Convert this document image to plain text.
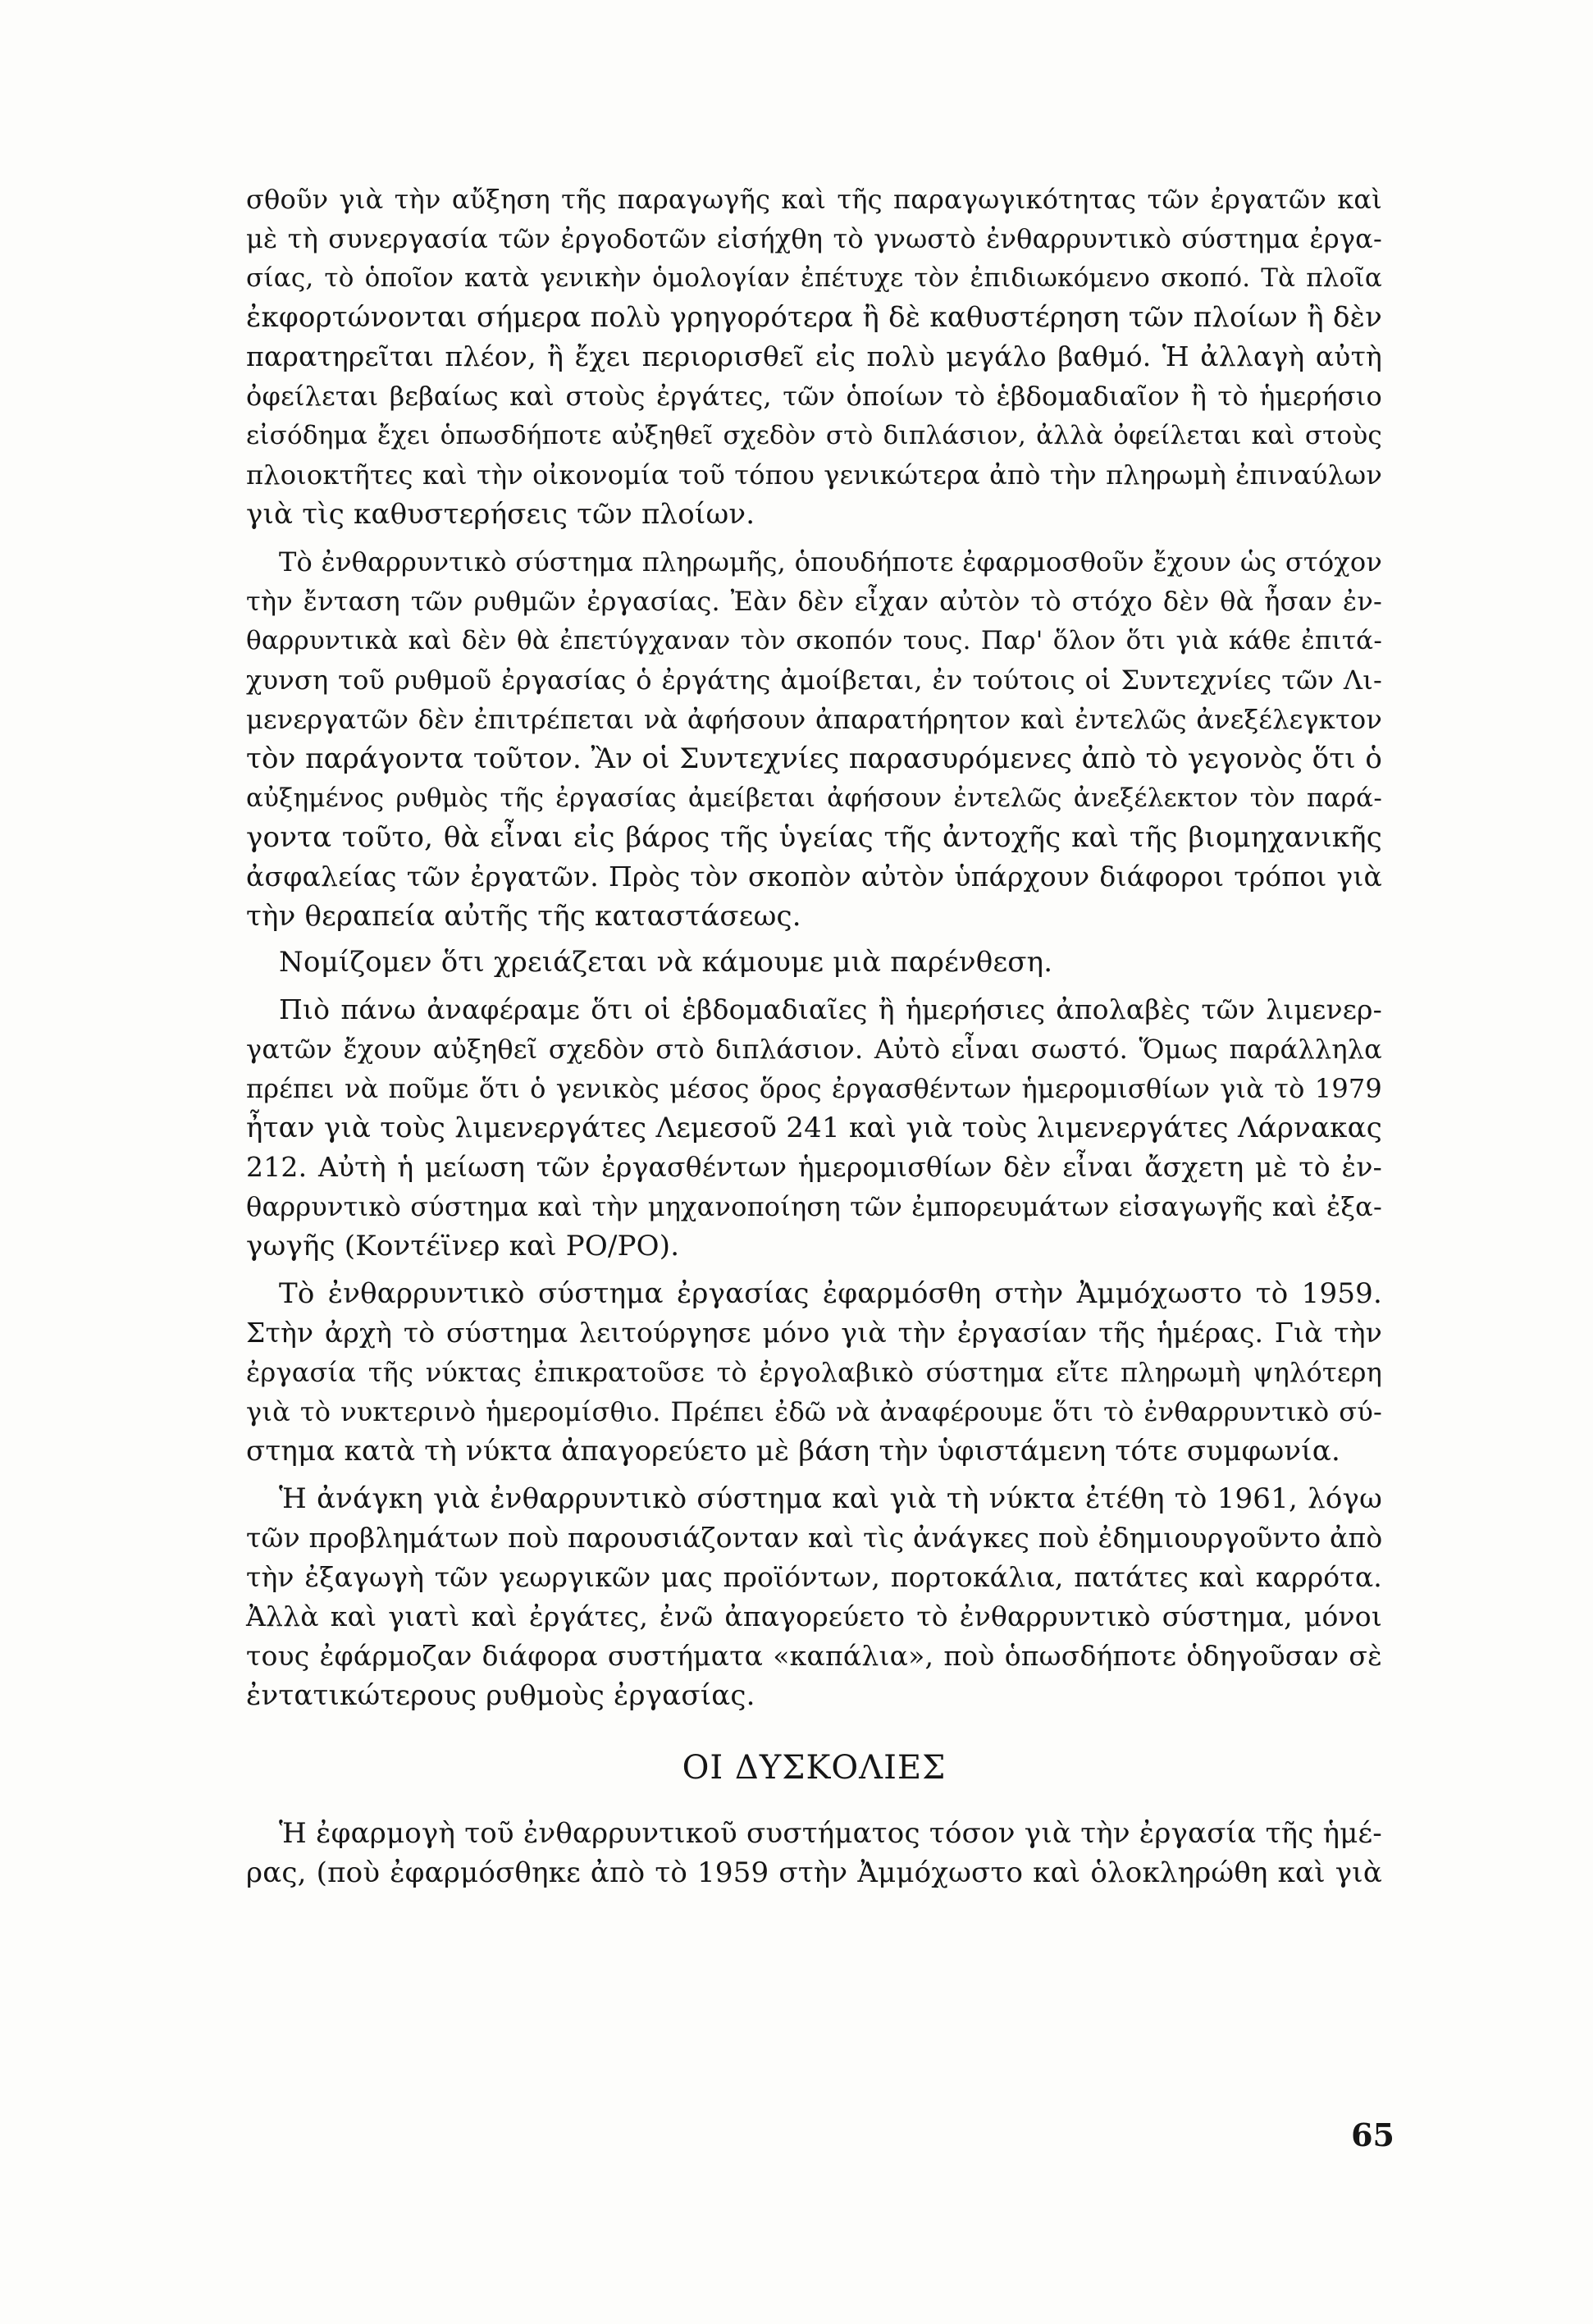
σθοῦν γιὰ τὴν αὔξηση τῆς παραγωγῆς καὶ τῆς παραγωγικότητας τῶν ἐργατῶν καὶ
μὲ τὴ συνεργασία τῶν ἐργοδοτῶν εἰσήχθη τὸ γνωστὸ ἐνθαρρυντικὸ σύστημα ἐργα-
σίας, τὸ ὁποῖον κατὰ γενικὴν ὁμολογίαν ἐπέτυχε τὸν ἐπιδιωκόμενο σκοπό. Τὰ πλοῖα
ἐκφορτώνονται σήμερα πολὺ γρηγορότερα ἢ δὲ καθυστέρηση τῶν πλοίων ἢ δὲν
παρατηρεῖται πλέον, ἢ ἔχει περιορισθεῖ εἰς πολὺ μεγάλο βαθμό. Ἡ ἀλλαγὴ αὐτὴ
ὀφείλεται βεβαίως καὶ στοὺς ἐργάτες, τῶν ὁποίων τὸ ἑβδομαδιαῖον ἢ τὸ ἡμερήσιο
εἰσόδημα ἔχει ὁπωσδήποτε αὐξηθεῖ σχεδὸν στὸ διπλάσιον, ἀλλὰ ὀφείλεται καὶ στοὺς
πλοιοκτῆτες καὶ τὴν οἰκονομία τοῦ τόπου γενικώτερα ἀπὸ τὴν πληρωμὴ ἐπιναύλων
γιὰ τὶς καθυστερήσεις τῶν πλοίων.
Τὸ ἐνθαρρυντικὸ σύστημα πληρωμῆς, ὁπουδήποτε ἐφαρμοσθοῦν ἔχουν ὡς στόχον
τὴν ἔνταση τῶν ρυθμῶν ἐργασίας. Ἐὰν δὲν εἶχαν αὐτὸν τὸ στόχο δὲν θὰ ἦσαν ἐν-
θαρρυντικὰ καὶ δὲν θὰ ἐπετύγχαναν τὸν σκοπόν τους. Παρ' ὅλον ὅτι γιὰ κάθε ἐπιτά-
χυνση τοῦ ρυθμοῦ ἐργασίας ὁ ἐργάτης ἀμοίβεται, ἐν τούτοις οἱ Συντεχνίες τῶν Λι-
μενεργατῶν δὲν ἐπιτρέπεται νὰ ἀφήσουν ἀπαρατήρητον καὶ ἐντελῶς ἀνεξέλεγκτον
τὸν παράγοντα τοῦτον. Ἂν οἱ Συντεχνίες παρασυρόμενες ἀπὸ τὸ γεγονὸς ὅτι ὁ
αὐξημένος ρυθμὸς τῆς ἐργασίας ἀμείβεται ἀφήσουν ἐντελῶς ἀνεξέλεκτον τὸν παρά-
γοντα τοῦτο, θὰ εἶναι εἰς βάρος τῆς ὑγείας τῆς ἀντοχῆς καὶ τῆς βιομηχανικῆς
ἀσφαλείας τῶν ἐργατῶν. Πρὸς τὸν σκοπὸν αὐτὸν ὑπάρχουν διάφοροι τρόποι γιὰ
τὴν θεραπεία αὐτῆς τῆς καταστάσεως.
Νομίζομεν ὅτι χρειάζεται νὰ κάμουμε μιὰ παρένθεση.
Πιὸ πάνω ἀναφέραμε ὅτι οἱ ἑβδομαδιαῖες ἢ ἡμερήσιες ἀπολαβὲς τῶν λιμενερ-
γατῶν ἔχουν αὐξηθεῖ σχεδὸν στὸ διπλάσιον. Αὐτὸ εἶναι σωστό. Ὅμως παράλληλα
πρέπει νὰ ποῦμε ὅτι ὁ γενικὸς μέσος ὅρος ἐργασθέντων ἡμερομισθίων γιὰ τὸ 1979
ἦταν γιὰ τοὺς λιμενεργάτες Λεμεσοῦ 241 καὶ γιὰ τοὺς λιμενεργάτες Λάρνακας
212. Αὐτὴ ἡ μείωση τῶν ἐργασθέντων ἡμερομισθίων δὲν εἶναι ἄσχετη μὲ τὸ ἐν-
θαρρυντικὸ σύστημα καὶ τὴν μηχανοποίηση τῶν ἐμπορευμάτων εἰσαγωγῆς καὶ ἐξα-
γωγῆς (Κοντέϊνερ καὶ ΡΟ/ΡΟ).
Τὸ ἐνθαρρυντικὸ σύστημα ἐργασίας ἐφαρμόσθη στὴν Ἀμμόχωστο τὸ 1959.
Στὴν ἀρχὴ τὸ σύστημα λειτούργησε μόνο γιὰ τὴν ἐργασίαν τῆς ἡμέρας. Γιὰ τὴν
ἐργασία τῆς νύκτας ἐπικρατοῦσε τὸ ἐργολαβικὸ σύστημα εἴτε πληρωμὴ ψηλότερη
γιὰ τὸ νυκτερινὸ ἡμερομίσθιο. Πρέπει ἐδῶ νὰ ἀναφέρουμε ὅτι τὸ ἐνθαρρυντικὸ σύ-
στημα κατὰ τὴ νύκτα ἀπαγορεύετο μὲ βάση τὴν ὑφιστάμενη τότε συμφωνία.
Ἡ ἀνάγκη γιὰ ἐνθαρρυντικὸ σύστημα καὶ γιὰ τὴ νύκτα ἐτέθη τὸ 1961, λόγω
τῶν προβλημάτων ποὺ παρουσιάζονταν καὶ τὶς ἀνάγκες ποὺ ἐδημιουργοῦντο ἀπὸ
τὴν ἐξαγωγὴ τῶν γεωργικῶν μας προϊόντων, πορτοκάλια, πατάτες καὶ καρρότα.
Ἀλλὰ καὶ γιατὶ καὶ ἐργάτες, ἐνῶ ἀπαγορεύετο τὸ ἐνθαρρυντικὸ σύστημα, μόνοι
τους ἐφάρμοζαν διάφορα συστήματα «καπάλια», ποὺ ὁπωσδήποτε ὁδηγοῦσαν σὲ
ἐντατικώτερους ρυθμοὺς ἐργασίας.
ΟΙ ΔΥΣΚΟΛΙΕΣ
Ἡ ἐφαρμογὴ τοῦ ἐνθαρρυντικοῦ συστήματος τόσον γιὰ τὴν ἐργασία τῆς ἡμέ-
ρας, (ποὺ ἐφαρμόσθηκε ἀπὸ τὸ 1959 στὴν Ἀμμόχωστο καὶ ὁλοκληρώθη καὶ γιὰ
65
